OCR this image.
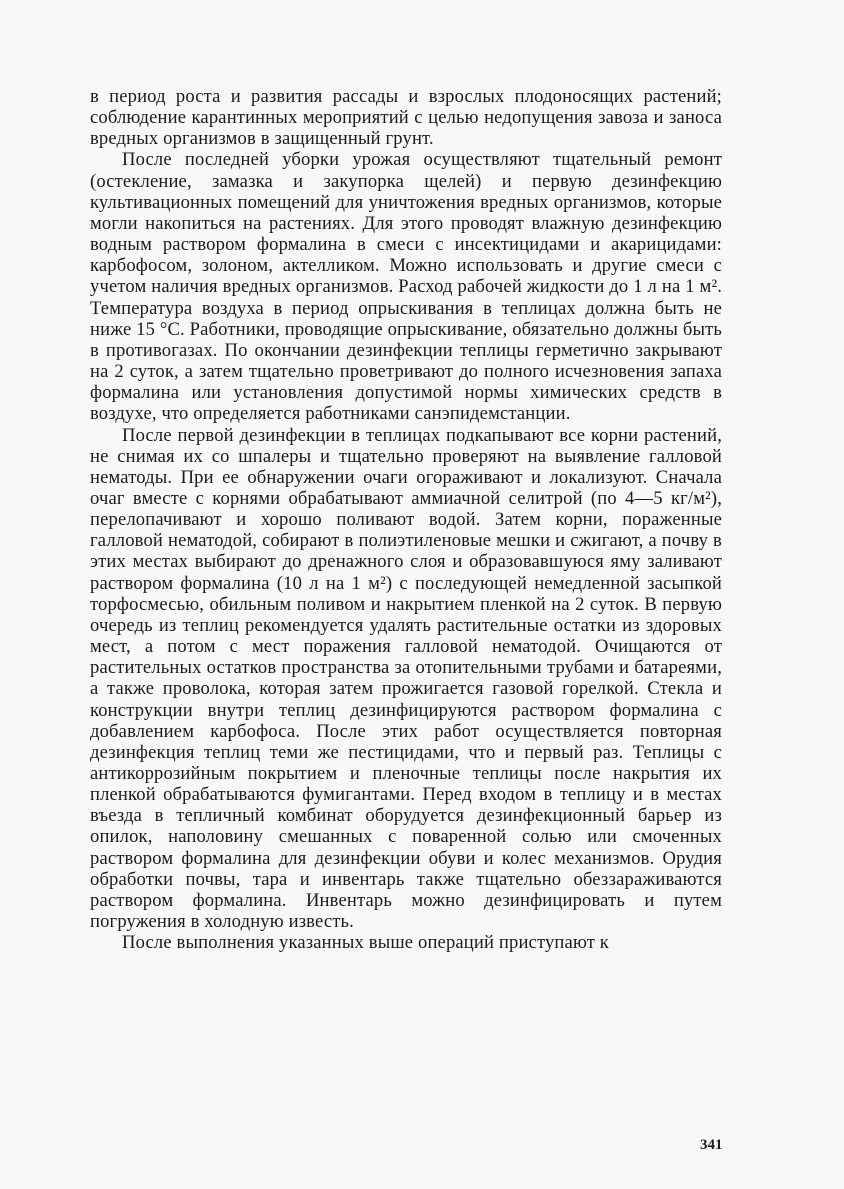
в период роста и развития рассады и взрослых плодоносящих растений; соблюдение карантинных мероприятий с целью недопущения завоза и заноса вредных организмов в защищенный грунт.

После последней уборки урожая осуществляют тщательный ремонт (остекление, замазка и закупорка щелей) и первую дезинфекцию культивационных помещений для уничтожения вредных организмов, которые могли накопиться на растениях. Для этого проводят влажную дезинфекцию водным раствором формалина в смеси с инсектицидами и акарицидами: карбофосом, золоном, актелликом. Можно использовать и другие смеси с учетом наличия вредных организмов. Расход рабочей жидкости до 1 л на 1 м². Температура воздуха в период опрыскивания в теплицах должна быть не ниже 15 °С. Работники, проводящие опрыскивание, обязательно должны быть в противогазах. По окончании дезинфекции теплицы герметично закрывают на 2 суток, а затем тщательно проветривают до полного исчезновения запаха формалина или установления допустимой нормы химических средств в воздухе, что определяется работниками санэпидемстанции.

После первой дезинфекции в теплицах подкапывают все корни растений, не снимая их со шпалеры и тщательно проверяют на выявление галловой нематоды. При ее обнаружении очаги огораживают и локализуют. Сначала очаг вместе с корнями обрабатывают аммиачной селитрой (по 4—5 кг/м²), перелопачивают и хорошо поливают водой. Затем корни, пораженные галловой нематодой, собирают в полиэтиленовые мешки и сжигают, а почву в этих местах выбирают до дренажного слоя и образовавшуюся яму заливают раствором формалина (10 л на 1 м²) с последующей немедленной засыпкой торфосмесью, обильным поливом и накрытием пленкой на 2 суток. В первую очередь из теплиц рекомендуется удалять растительные остатки из здоровых мест, а потом с мест поражения галловой нематодой. Очищаются от растительных остатков пространства за отопительными трубами и батареями, а также проволока, которая затем прожигается газовой горелкой. Стекла и конструкции внутри теплиц дезинфицируются раствором формалина с добавлением карбофоса. После этих работ осуществляется повторная дезинфекция теплиц теми же пестицидами, что и первый раз. Теплицы с антикоррозийным покрытием и пленочные теплицы после накрытия их пленкой обрабатываются фумигантами. Перед входом в теплицу и в местах въезда в тепличный комбинат оборудуется дезинфекционный барьер из опилок, наполовину смешанных с поваренной солью или смоченных раствором формалина для дезинфекции обуви и колес механизмов. Орудия обработки почвы, тара и инвентарь также тщательно обеззараживаются раствором формалина. Инвентарь можно дезинфицировать и путем погружения в холодную известь.

После выполнения указанных выше операций приступают к

341
